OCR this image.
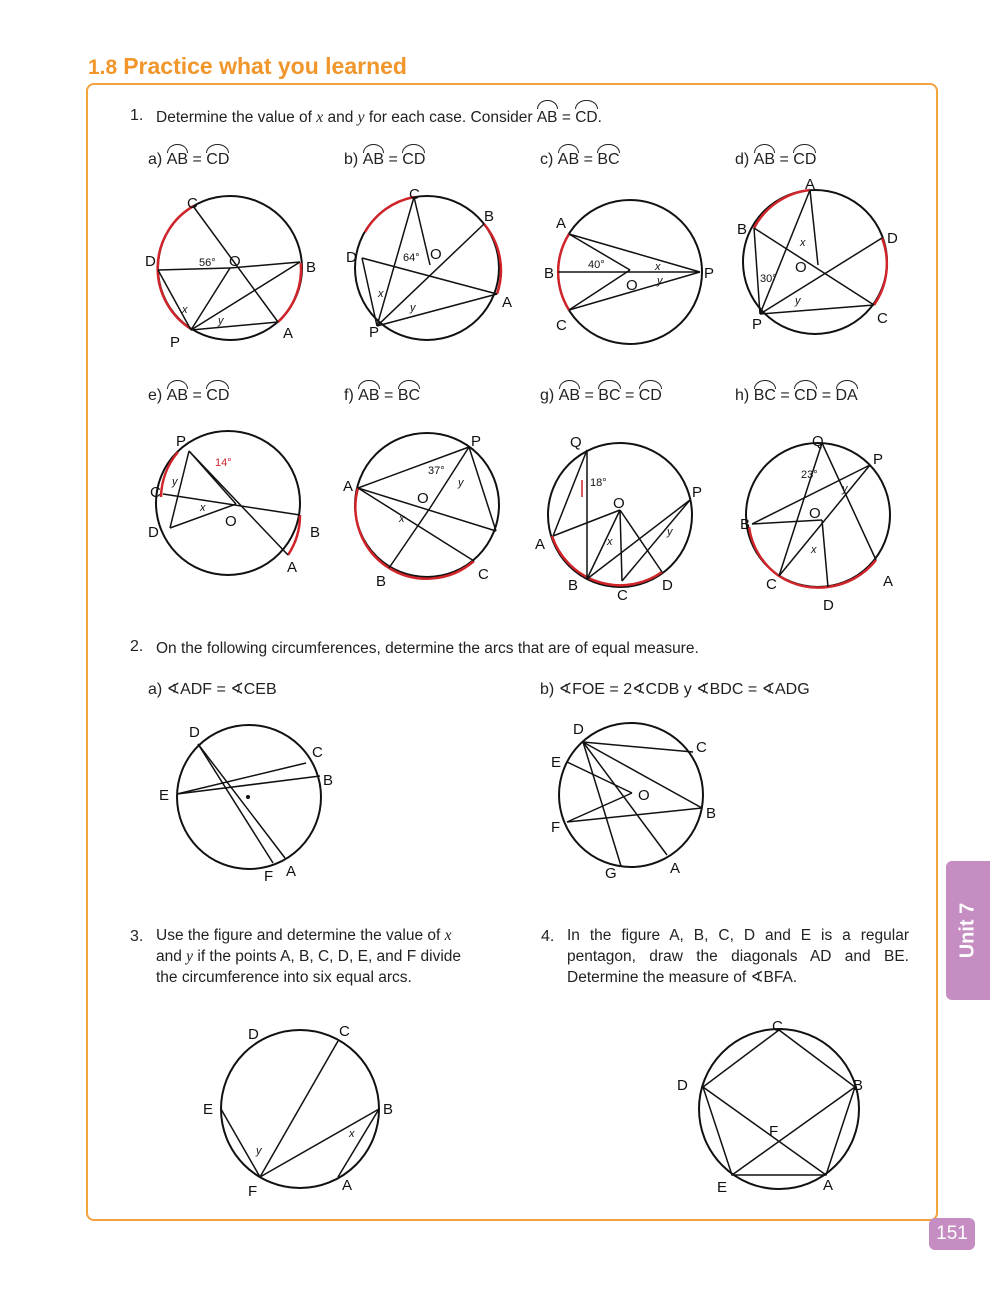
1.8 Practice what you learned
1. Determine the value of x and y for each case. Consider AB = CD.
a) AB = CD	b) AB = CD	c) AB = BC	d) AB = CD
e) AB = CD	f) AB = BC	g) AB = BC = CD	h) BC = CD = DA
C
D	B
A
P
O
56°
x
y
C
B
D
A
P
O
64°
x
y
A
B
C
P
O
40°	x
y
A
B
D
C
P
O
30°
x
y
P
C
D	B
A
O
14°
x
y
P
A
B	C
O
37°
x
y
Q
P
A
B
C
D
O
18°
x
y
Q
P
B
C
D
A
O
23°
x
y
D
C
B
E
F A
D
C
E
O
B
F
A
G
D	C
E	B
F	A
x
y
C
B
D
F
E	A
2. On the following circumferences, determine the arcs that are of equal measure.
a) ∢ADF = ∢CEB	b) ∢FOE = 2∢CDB y ∢BDC = ∢ADG
3. Use the figure and determine the value of x

and y if the points A, B, C, D, E, and F divide

the circumference into six equal arcs.

4. In the figure A, B, C, D and E is a regular

pentagon, draw the diagonals AD and BE.

Determine the measure of ∢BFA.

Unit 7
151
